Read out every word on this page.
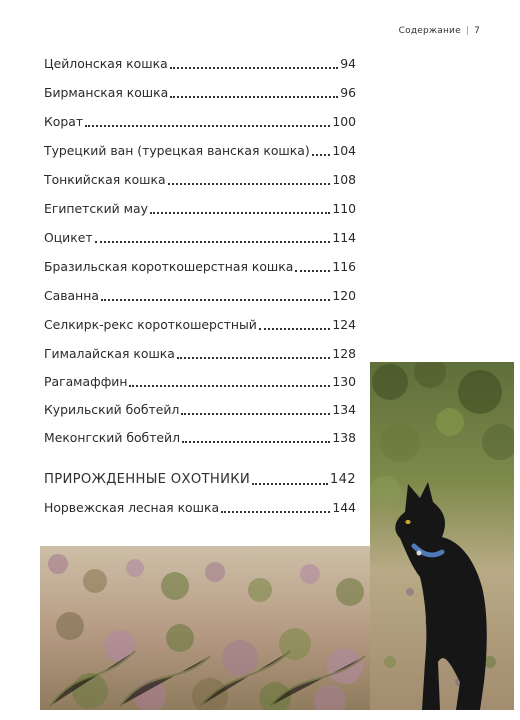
Содержание | 7
Цейлонская кошка	94
Бирманская кошка	96
Корат	100
Турецкий ван (турецкая ванская кошка) 104
Тонкийская кошка	108
Египетский мау	110
Оцикет	114
Бразильская короткошерстная кошка	116
Саванна	120
Селкирк-рекс короткошерстный	124
Гималайская кошка	128
Рагамаффин	130
Курильский бобтейл	134
Меконгский бобтейл	138
ПРИРОЖДЕННЫЕ ОХОТНИКИ	142
Норвежская лесная кошка	144
